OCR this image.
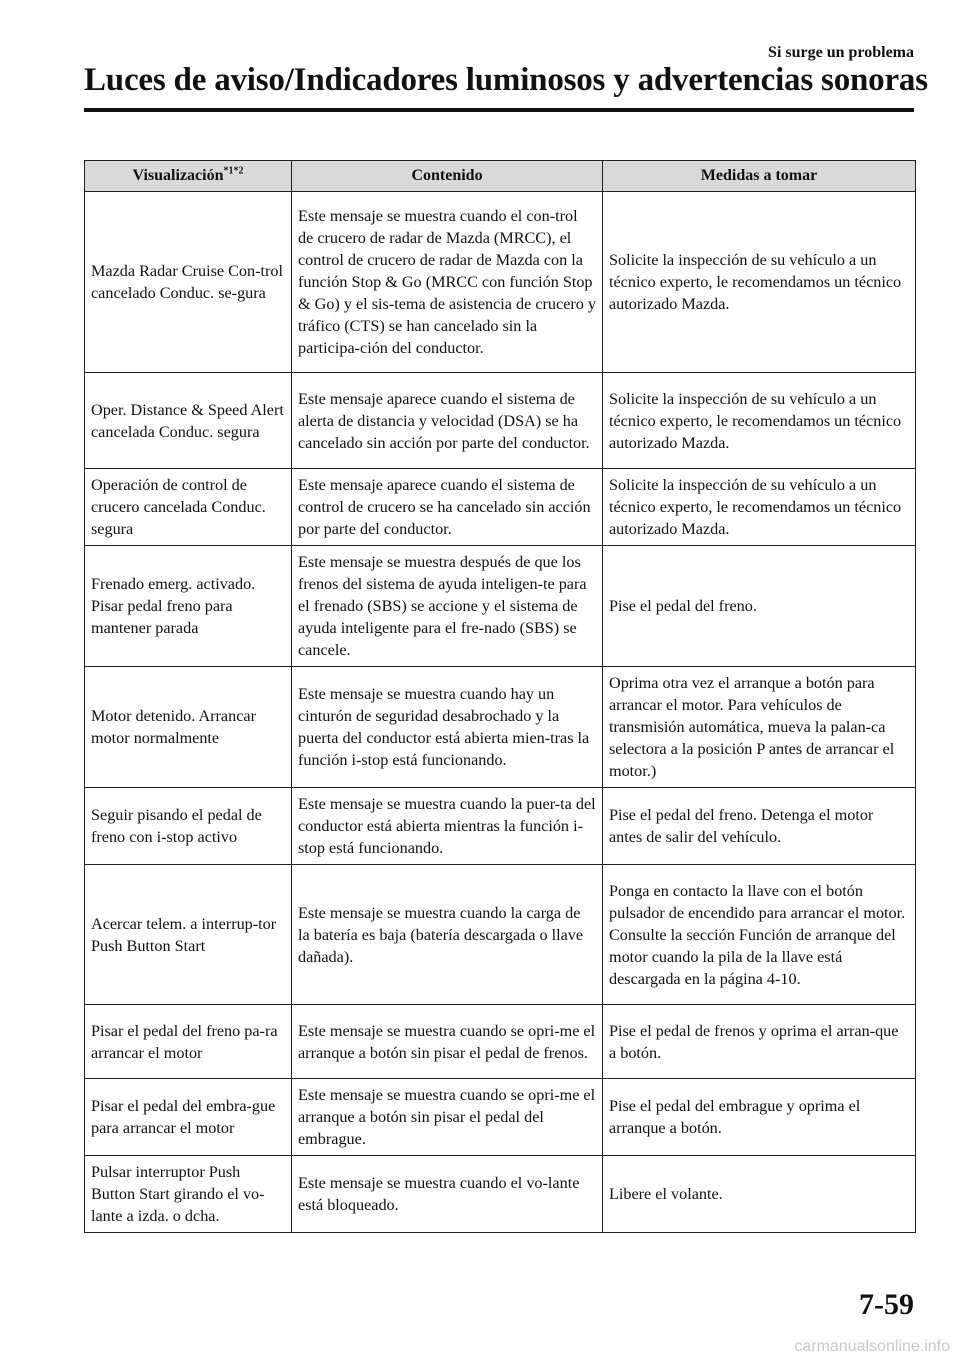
Si surge un problema
Luces de aviso/Indicadores luminosos y advertencias sonoras
Visualización$^{*1*2}$	Contenido	Medidas a tomar
Mazda Radar Cruise Con-trol cancelado Conduc. se-gura	Este mensaje se muestra cuando el con-trol de crucero de radar de Mazda (MRCC), el control de crucero de radar de Mazda con la función Stop & Go (MRCC con función Stop & Go) y el sis-tema de asistencia de crucero y tráfico (CTS) se han cancelado sin la participa-ción del conductor.	Solicite la inspección de su vehículo a un técnico experto, le recomendamos un técnico autorizado Mazda.
Oper. Distance & Speed Alert cancelada Conduc. segura	Este mensaje aparece cuando el sistema de alerta de distancia y velocidad (DSA) se ha cancelado sin acción por parte del conductor.	Solicite la inspección de su vehículo a un técnico experto, le recomendamos un técnico autorizado Mazda.
Operación de control de crucero cancelada Conduc. segura	Este mensaje aparece cuando el sistema de control de crucero se ha cancelado sin acción por parte del conductor.	Solicite la inspección de su vehículo a un técnico experto, le recomendamos un técnico autorizado Mazda.
Frenado emerg. activado. Pisar pedal freno para mantener parada	Este mensaje se muestra después de que los frenos del sistema de ayuda inteligen-te para el frenado (SBS) se accione y el sistema de ayuda inteligente para el fre-nado (SBS) se cancele.	Pise el pedal del freno.
Motor detenido. Arrancar motor normalmente	Este mensaje se muestra cuando hay un cinturón de seguridad desabrochado y la puerta del conductor está abierta mien-tras la función i-stop está funcionando.	Oprima otra vez el arranque a botón para arrancar el motor. Para vehículos de transmisión automática, mueva la palan-ca selectora a la posición P antes de arrancar el motor.)
Seguir pisando el pedal de freno con i-stop activo	Este mensaje se muestra cuando la puer-ta del conductor está abierta mientras la función i-stop está funcionando.	Pise el pedal del freno. Detenga el motor antes de salir del vehículo.
Acercar telem. a interrup-tor Push Button Start	Este mensaje se muestra cuando la carga de la batería es baja (batería descargada o llave dañada).	Ponga en contacto la llave con el botón pulsador de encendido para arrancar el motor. Consulte la sección Función de arranque del motor cuando la pila de la llave está descargada en la página 4-10.
Pisar el pedal del freno pa-ra arrancar el motor	Este mensaje se muestra cuando se opri-me el arranque a botón sin pisar el pedal de frenos.	Pise el pedal de frenos y oprima el arran-que a botón.
Pisar el pedal del embra-gue para arrancar el motor	Este mensaje se muestra cuando se opri-me el arranque a botón sin pisar el pedal del embrague.	Pise el pedal del embrague y oprima el arranque a botón.
Pulsar interruptor Push Button Start girando el vo-lante a izda. o dcha.	Este mensaje se muestra cuando el vo-lante está bloqueado.	Libere el volante.
7-59
carmanualsonline.info
